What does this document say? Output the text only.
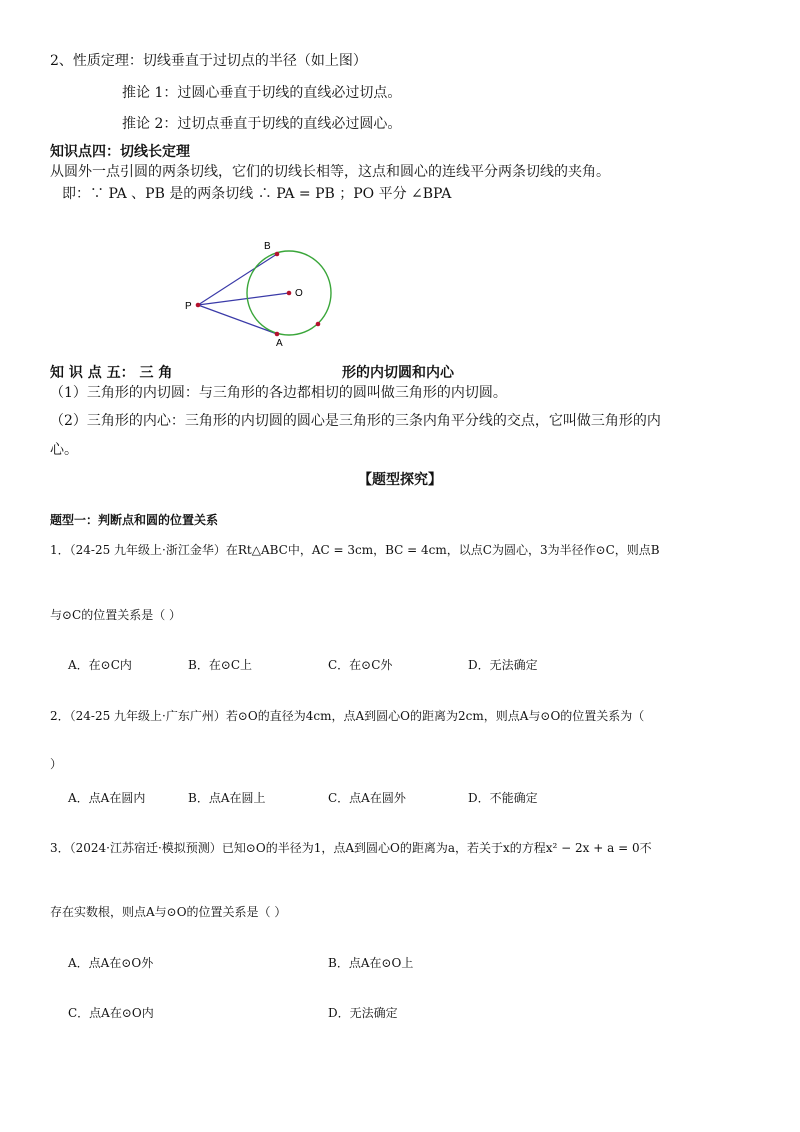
2、性质定理：切线垂直于过切点的半径（如上图）
推论 1：过圆心垂直于切线的直线必过切点。
推论 2：过切点垂直于切线的直线必过圆心。
知识点四：切线长定理
从圆外一点引圆的两条切线，它们的切线长相等，这点和圆心的连线平分两条切线的夹角。
即：∵ PA 、PB 是的两条切线 ∴ PA = PB ；PO 平分 ∠BPA
B
O
P
A
知 识 点 五： 三 角	形的内切圆和内心
（1）三角形的内切圆：与三角形的各边都相切的圆叫做三角形的内切圆。
（2）三角形的内心：三角形的内切圆的圆心是三角形的三条内角平分线的交点，它叫做三角形的内
心。
【题型探究】
题型一：判断点和圆的位置关系
1．（24-25 九年级上·浙江金华）在Rt△ABC中，AC = 3cm，BC = 4cm，以点C为圆心，3为半径作⊙C，则点B
与⊙C的位置关系是（ ）
A．在⊙C内	B．在⊙C上	C．在⊙C外	D．无法确定
2．（24-25 九年级上·广东广州）若⊙O的直径为4cm，点A到圆心O的距离为2cm，则点A与⊙O的位置关系为（
）
A．点A在圆内	B．点A在圆上	C．点A在圆外	D．不能确定
3．（2024·江苏宿迁·模拟预测）已知⊙O的半径为1，点A到圆心O的距离为a，若关于x的方程x² − 2x + a = 0不
存在实数根，则点A与⊙O的位置关系是（ ）
A．点A在⊙O外	B．点A在⊙O上
C．点A在⊙O内	D．无法确定
